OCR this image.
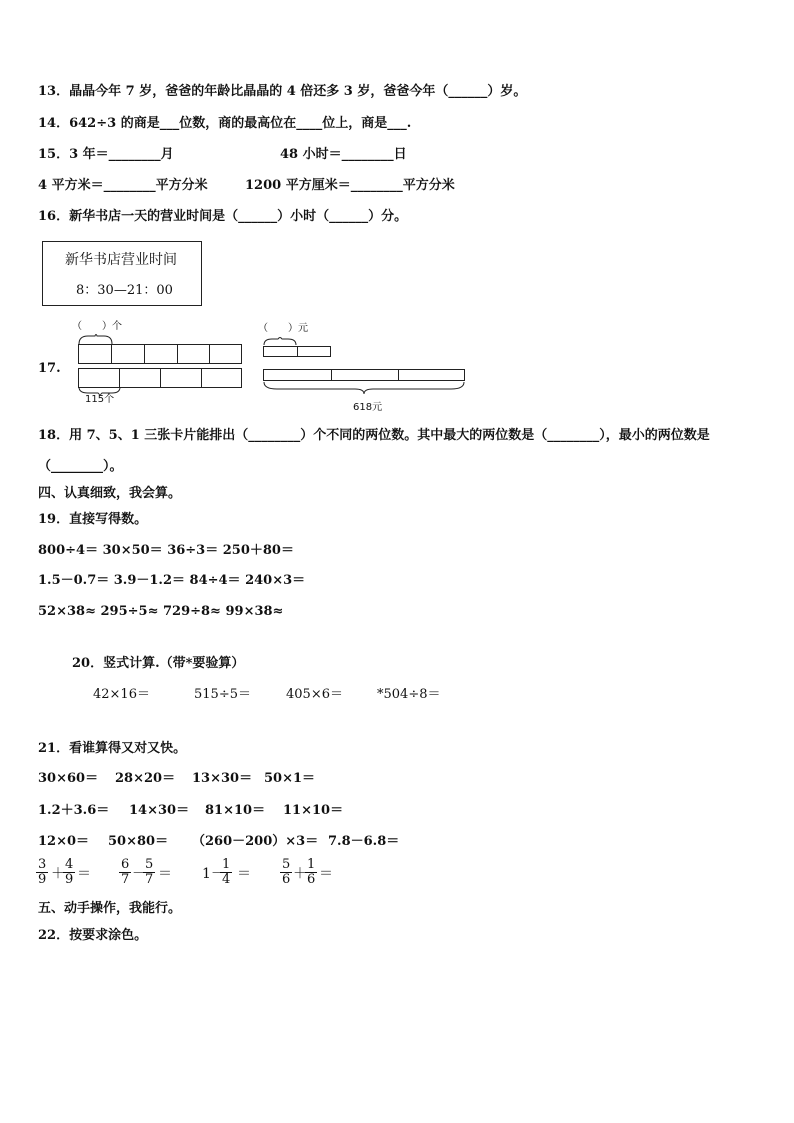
13．晶晶今年 7 岁，爸爸的年龄比晶晶的 4 倍还多 3 岁，爸爸今年（______）岁。
14．642÷3 的商是___位数，商的最高位在____位上，商是___.
15．3 年＝________月	48 小时＝________日
4 平方米＝________平方分米	1200 平方厘米＝________平方分米
16．新华书店一天的营业时间是（______）小时（______）分。
新华书店营业时间
8：30—21：00
17.
（　　）个
115个
（　　）元
618元
18．用 7、5、1 三张卡片能排出（________）个不同的两位数。其中最大的两位数是（________），最小的两位数是
（________）。
四、认真细致，我会算。
19．直接写得数。
800÷4＝ 30×50＝ 36÷3＝ 250＋80＝
1.5－0.7＝ 3.9－1.2＝ 84÷4＝ 240×3＝
52×38≈ 295÷5≈ 729÷8≈ 99×38≈
20．竖式计算.（带*要验算）
42×16＝	515÷5＝	405×6＝	*504÷8＝
21．看谁算得又对又快。
30×60＝ 28×20＝ 13×30＝ 50×1＝
1.2＋3.6＝ 14×30＝ 81×10＝ 11×10＝
12×0＝ 50×80＝ （260－200）×3＝ 7.8－6.8＝
$\frac{3}{9}$ ＋
$\frac{4}{9} = \frac{6}{7}$ －
$\frac{5}{7} = 1-$
$\frac{1}{4} = \frac{5}{6}$ ＋
$\frac{1}{6}$ ＝
五、动手操作，我能行。
22．按要求涂色。
